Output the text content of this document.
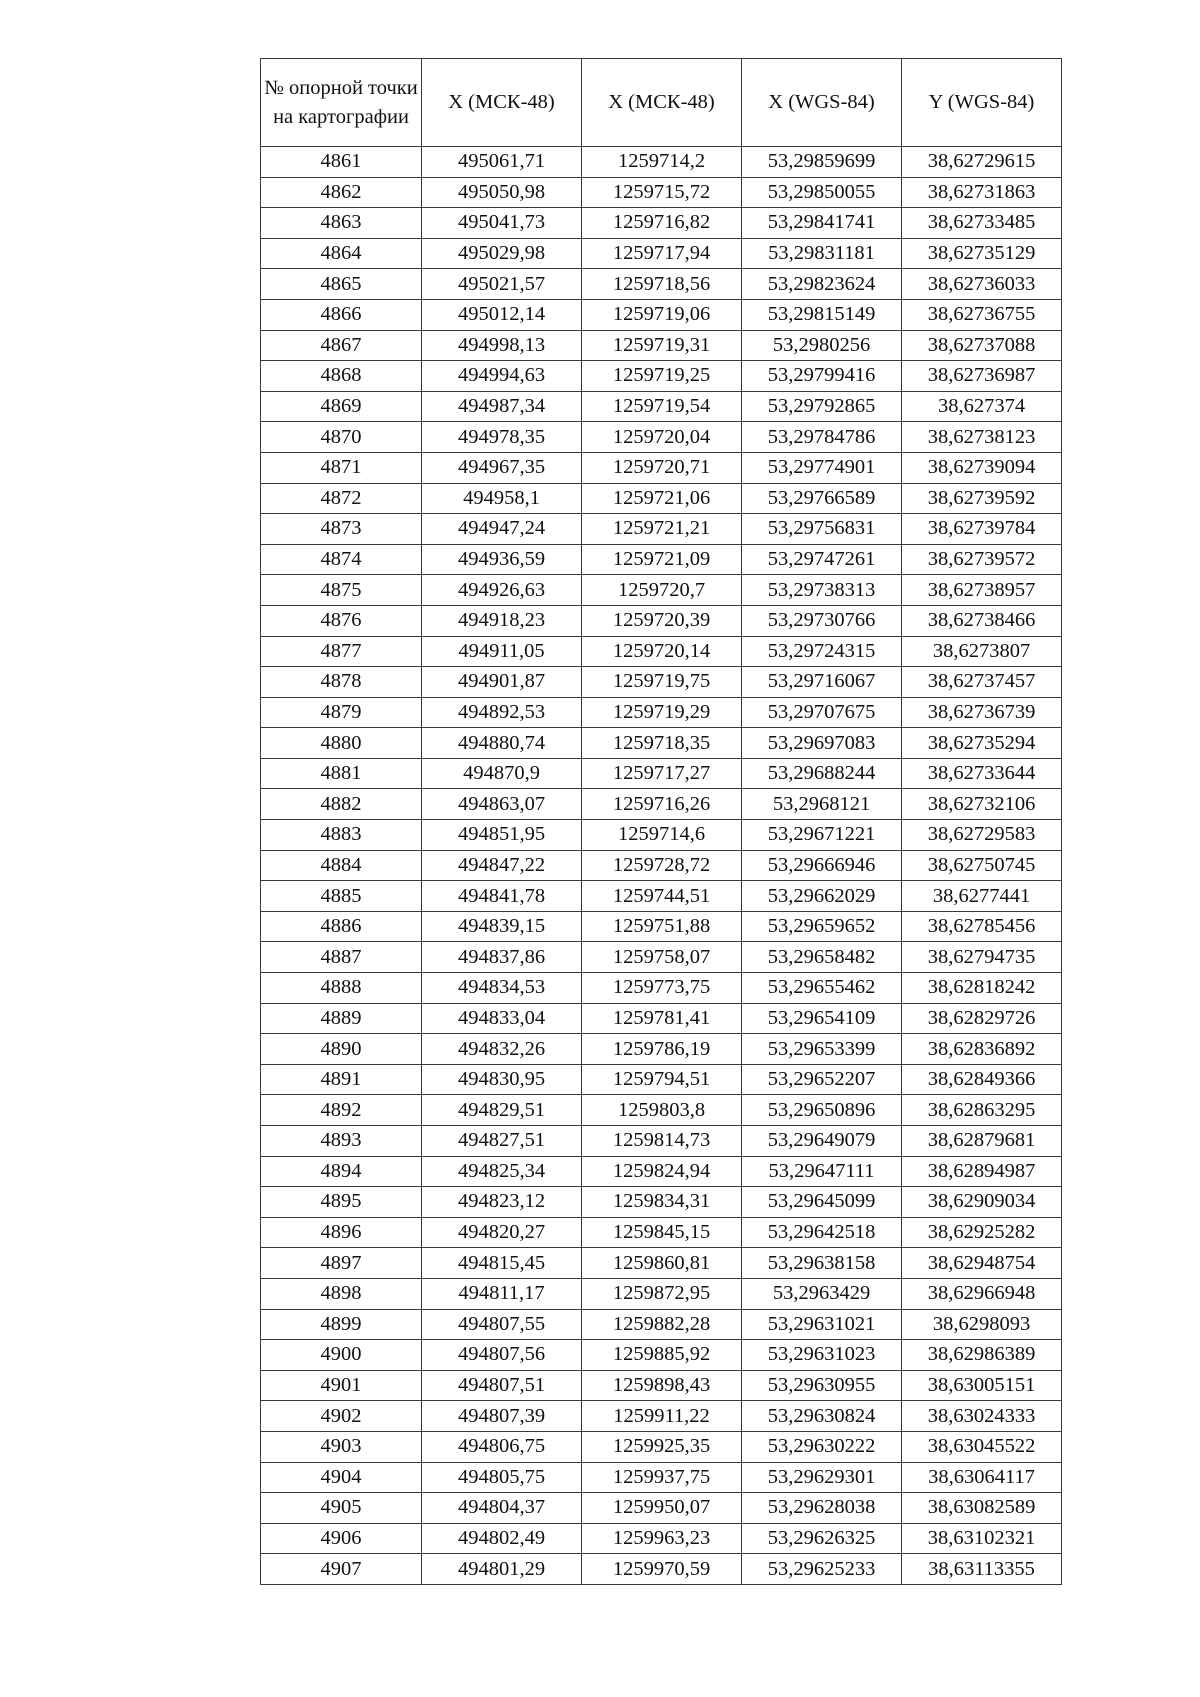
№ опорной точки на картографии	X (МСК-48)	X (МСК-48)	X (WGS-84)	Y (WGS-84)
4861	495061,71	1259714,2	53,29859699	38,62729615
4862	495050,98	1259715,72	53,29850055	38,62731863
4863	495041,73	1259716,82	53,29841741	38,62733485
4864	495029,98	1259717,94	53,29831181	38,62735129
4865	495021,57	1259718,56	53,29823624	38,62736033
4866	495012,14	1259719,06	53,29815149	38,62736755
4867	494998,13	1259719,31	53,2980256	38,62737088
4868	494994,63	1259719,25	53,29799416	38,62736987
4869	494987,34	1259719,54	53,29792865	38,627374
4870	494978,35	1259720,04	53,29784786	38,62738123
4871	494967,35	1259720,71	53,29774901	38,62739094
4872	494958,1	1259721,06	53,29766589	38,62739592
4873	494947,24	1259721,21	53,29756831	38,62739784
4874	494936,59	1259721,09	53,29747261	38,62739572
4875	494926,63	1259720,7	53,29738313	38,62738957
4876	494918,23	1259720,39	53,29730766	38,62738466
4877	494911,05	1259720,14	53,29724315	38,6273807
4878	494901,87	1259719,75	53,29716067	38,62737457
4879	494892,53	1259719,29	53,29707675	38,62736739
4880	494880,74	1259718,35	53,29697083	38,62735294
4881	494870,9	1259717,27	53,29688244	38,62733644
4882	494863,07	1259716,26	53,2968121	38,62732106
4883	494851,95	1259714,6	53,29671221	38,62729583
4884	494847,22	1259728,72	53,29666946	38,62750745
4885	494841,78	1259744,51	53,29662029	38,6277441
4886	494839,15	1259751,88	53,29659652	38,62785456
4887	494837,86	1259758,07	53,29658482	38,62794735
4888	494834,53	1259773,75	53,29655462	38,62818242
4889	494833,04	1259781,41	53,29654109	38,62829726
4890	494832,26	1259786,19	53,29653399	38,62836892
4891	494830,95	1259794,51	53,29652207	38,62849366
4892	494829,51	1259803,8	53,29650896	38,62863295
4893	494827,51	1259814,73	53,29649079	38,62879681
4894	494825,34	1259824,94	53,29647111	38,62894987
4895	494823,12	1259834,31	53,29645099	38,62909034
4896	494820,27	1259845,15	53,29642518	38,62925282
4897	494815,45	1259860,81	53,29638158	38,62948754
4898	494811,17	1259872,95	53,2963429	38,62966948
4899	494807,55	1259882,28	53,29631021	38,6298093
4900	494807,56	1259885,92	53,29631023	38,62986389
4901	494807,51	1259898,43	53,29630955	38,63005151
4902	494807,39	1259911,22	53,29630824	38,63024333
4903	494806,75	1259925,35	53,29630222	38,63045522
4904	494805,75	1259937,75	53,29629301	38,63064117
4905	494804,37	1259950,07	53,29628038	38,63082589
4906	494802,49	1259963,23	53,29626325	38,63102321
4907	494801,29	1259970,59	53,29625233	38,63113355
